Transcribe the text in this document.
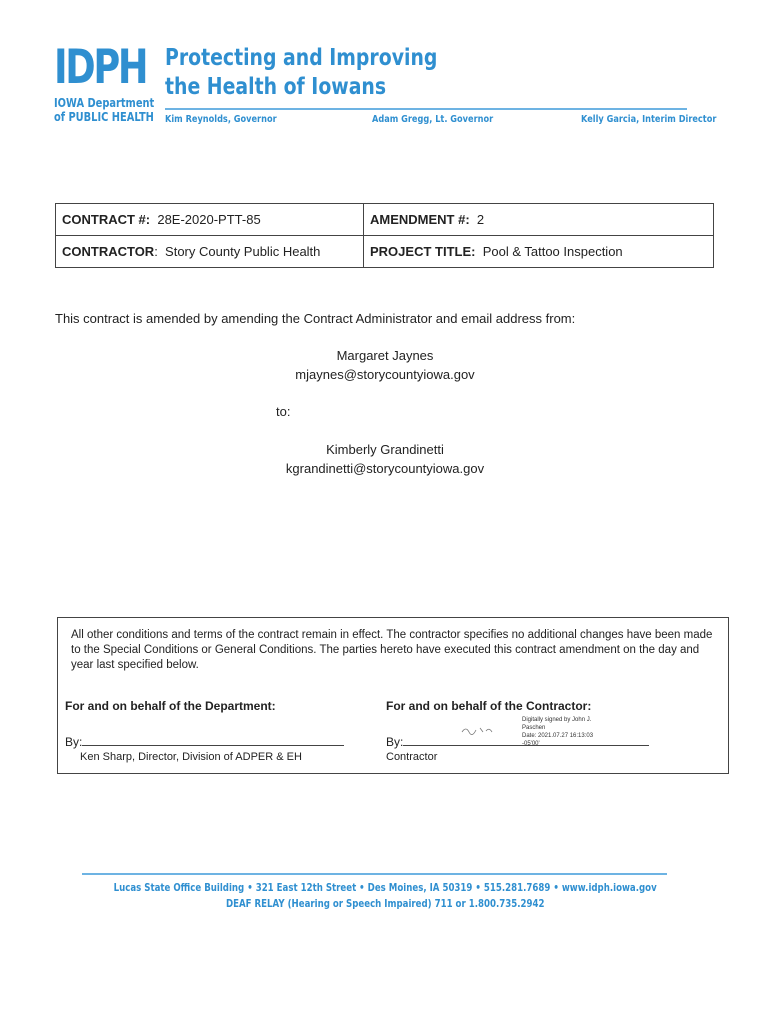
IDPH
IOWA Department
of PUBLIC HEALTH
Protecting and Improving
the Health of Iowans
Kim Reynolds, Governor	Adam Gregg, Lt. Governor	Kelly Garcia, Interim Director
CONTRACT #: 28E-2020-PTT-85	AMENDMENT #: 2
CONTRACTOR:  Story County Public Health	PROJECT TITLE: Pool & Tattoo Inspection
This contract is amended by amending the Contract Administrator and email address from:
Margaret Jaynes
mjaynes@storycountyiowa.gov
to:
Kimberly Grandinetti
kgrandinetti@storycountyiowa.gov
All other conditions and terms of the contract remain in effect. The contractor specifies no additional changes have been made to the Special Conditions or General Conditions. The parties hereto have executed this contract amendment on the day and year last specified below.
For and on behalf of the Department:	For and on behalf of the Contractor:
Digitally signed by John J.
Paschen
Date: 2021.07.27 16:13:03 -05'00'
By:	By:
Ken Sharp, Director, Division of ADPER & EH	Contractor
Lucas State Office Building • 321 East 12th Street • Des Moines, IA 50319 • 515.281.7689 • www.idph.iowa.gov
DEAF RELAY (Hearing or Speech Impaired) 711 or 1.800.735.2942
